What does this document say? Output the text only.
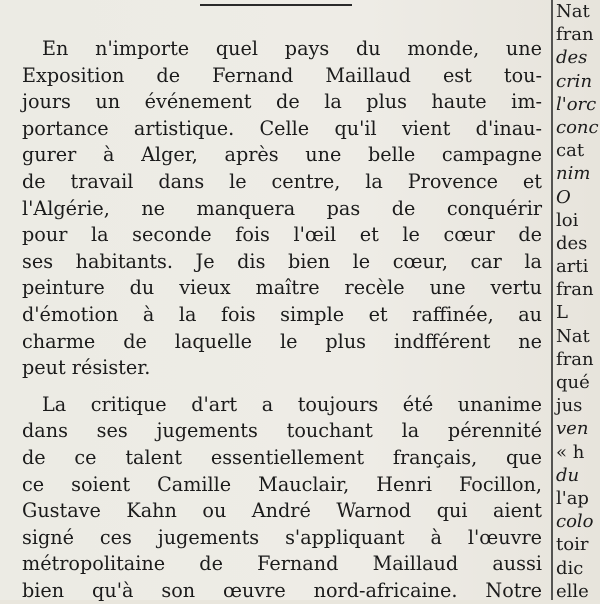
En n'importe quel pays du monde, une
Exposition de Fernand Maillaud est tou-
jours un événement de la plus haute im-
portance artistique. Celle qu'il vient d'inau-
gurer à Alger, après une belle campagne
de travail dans le centre, la Provence et
l'Algérie, ne manquera pas de conquérir
pour la seconde fois l'œil et le cœur de
ses habitants. Je dis bien le cœur, car la
peinture du vieux maître recèle une vertu
d'émotion à la fois simple et raffinée, au
charme de laquelle le plus indfférent ne
peut résister.
La critique d'art a toujours été unanime
dans ses jugements touchant la pérennité
de ce talent essentiellement français, que
ce soient Camille Mauclair, Henri Focillon,
Gustave Kahn ou André Warnod qui aient
signé ces jugements s'appliquant à l'œuvre
métropolitaine de Fernand Maillaud aussi
bien qu'à son œuvre nord-africaine. Notre
Nat
fran
des
crin
l'orc
conc
cat
nim
O
loi
des
arti
fran
L
Nat
fran
qué
jus
ven
« h
du
l'ap
colo
toir
dic
elle
